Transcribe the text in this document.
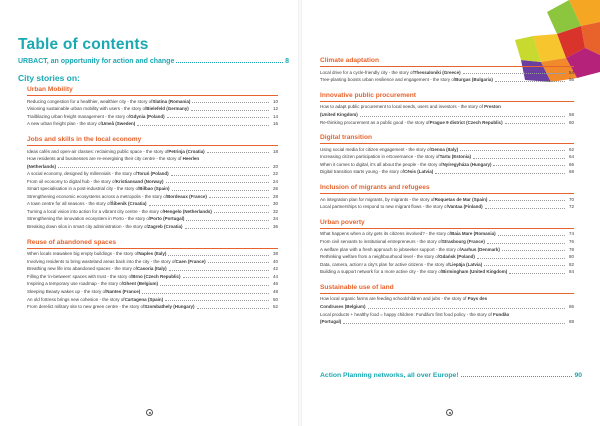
Table of contents
URBACT, an opportunity for action and change	8
City stories on:
Urban Mobility
Reducing congestion for a healthier, wealthier city - the story of Slatina (Romania)	10
Visioning sustainable urban mobility with users - the story of Bielefeld (Germany)	12
Trailblazing urban freight management - the story of Gdynia (Poland)	14
A new urban freight plan - the story of Umeå (Sweden)	16
Jobs and skills in the local economy
Ideas cafés and open-air classes: reclaiming public space - the story of Petrinja (Croatia)	18
How residents and businesses are re-energising their city centre - the story of Heerlen
(Netherlands)	20
A social economy, designed by millennials - the story of Toruń (Poland)	22
From oil economy to digital hub - the story of Kristiansand (Norway)	24
Smart specialisation in a post-industrial city - the story of Bilbao (Spain)	26
Strengthening economic ecosystems across a metropolis - the story of Bordeaux (France)	28
A town centre for all seasons - the story of Šibenik (Croatia)	30
Turning a local vision into action for a vibrant city centre - the story of Hengelo (Netherlands)	32
Strengthening the innovation ecosystem in Porto - the story of Porto (Portugal)	34
Breaking down silos in smart city administration - the story of Zagreb (Croatia)	36
Reuse of abandoned spaces
When locals reawaken big empty buildings - the story of Naples (Italy)	38
Involving residents to bring wasteland areas back into the city - the story of Caen (France)	40
Breathing new life into abandoned spaces - the story of Casoria (Italy)	42
Filling the 'in-between' spaces with trust - the story of Brno (Czech Republic)	44
Inspiring a temporary use roadmap - the story of Ghent (Belgium)	46
Sleeping Beauty wakes up - the story of Nantes (France)	48
An old fortress brings new cohesion - the story of Cartagena (Spain)	50
From derelict military site to new green centre - the story of Szombathely (Hungary)	52
Climate adaptation
Local drive for a cycle-friendly city - the story of Thessaloniki (Greece)	54
Tree-planting boosts urban resilience and engagement - the story of Burgas (Bulgaria)	56
Innovative public procurement
How to adapt public procurement to local needs, users and investors - the story of Preston
(United Kingdom)	58
Re-thinking procurement as a public good - the story of Prague 9 district (Czech Republic)	60
Digital transition
Using social media for citizen engagement - the story of Genoa (Italy)	62
Increasing citizen participation in eGovernance - the story of Tartu (Estonia)	64
When it comes to digital, it's all about the people - the story of Nyíregyháza (Hungary)	66
Digital transition starts young - the story of Cēsis (Latvia)	68
Inclusion of migrants and refugees
An integration plan for migrants, by migrants - the story of Roquetas de Mar (Spain)	70
Local partnerships to respond to new migrant flows - the story of Vantaa (Finland)	72
Urban poverty
What happens when a city gets its citizens involved? - the story of Baia Mare (Romania)	74
From civil servants to institutional entrepreneurs - the story of Strasbourg (France)	76
A welfare plan with a fresh approach to jobseeker support - the story of Aarhus (Denmark)	78
Rethinking welfare from a neighbourhood level - the story of Gdańsk (Poland)	80
Data, camera, action! a city's plan for active citizens - the story of Liepāja (Latvia)	82
Building a support network for a more active city - the story of Birmingham (United Kingdom)	84
Sustainable use of land
How local organic farms are feeding schoolchildren and jobs - the story of Pays des
Condruses (Belgium)	86
Local products + healthy food = happy children: Fundão's first food policy - the story of Fundão
(Portugal)	88
Action Planning networks, all over Europe!	90
